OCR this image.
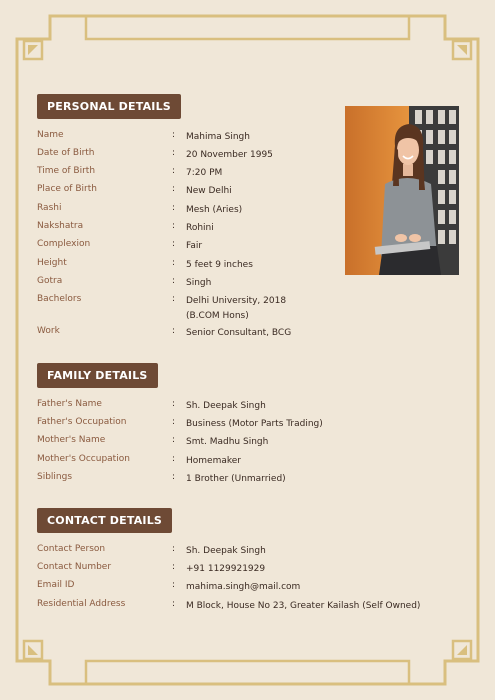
PERSONAL DETAILS
FAMILY DETAILS
CONTACT DETAILS
Name	: Mahima Singh
Date of Birth	: 20 November 1995
Time of Birth	: 7:20 PM
Place of Birth	: New Delhi
Rashi	: Mesh (Aries)
Nakshatra	: Rohini
Complexion	: Fair
Height	: 5 feet 9 inches
Gotra	: Singh
Bachelors	: Delhi University, 2018
(B.COM Hons)
Work	: Senior Consultant, BCG
Father's Name	: Sh. Deepak Singh
Father's Occupation	: Business (Motor Parts Trading)
Mother's Name	: Smt. Madhu Singh
Mother's Occupation	: Homemaker
Siblings	: 1 Brother (Unmarried)
Contact Person	: Sh. Deepak Singh
Contact Number	: +91 1129921929
Email ID	: mahima.singh@mail.com
Residential Address	: M Block, House No 23, Greater Kailash (Self Owned)
